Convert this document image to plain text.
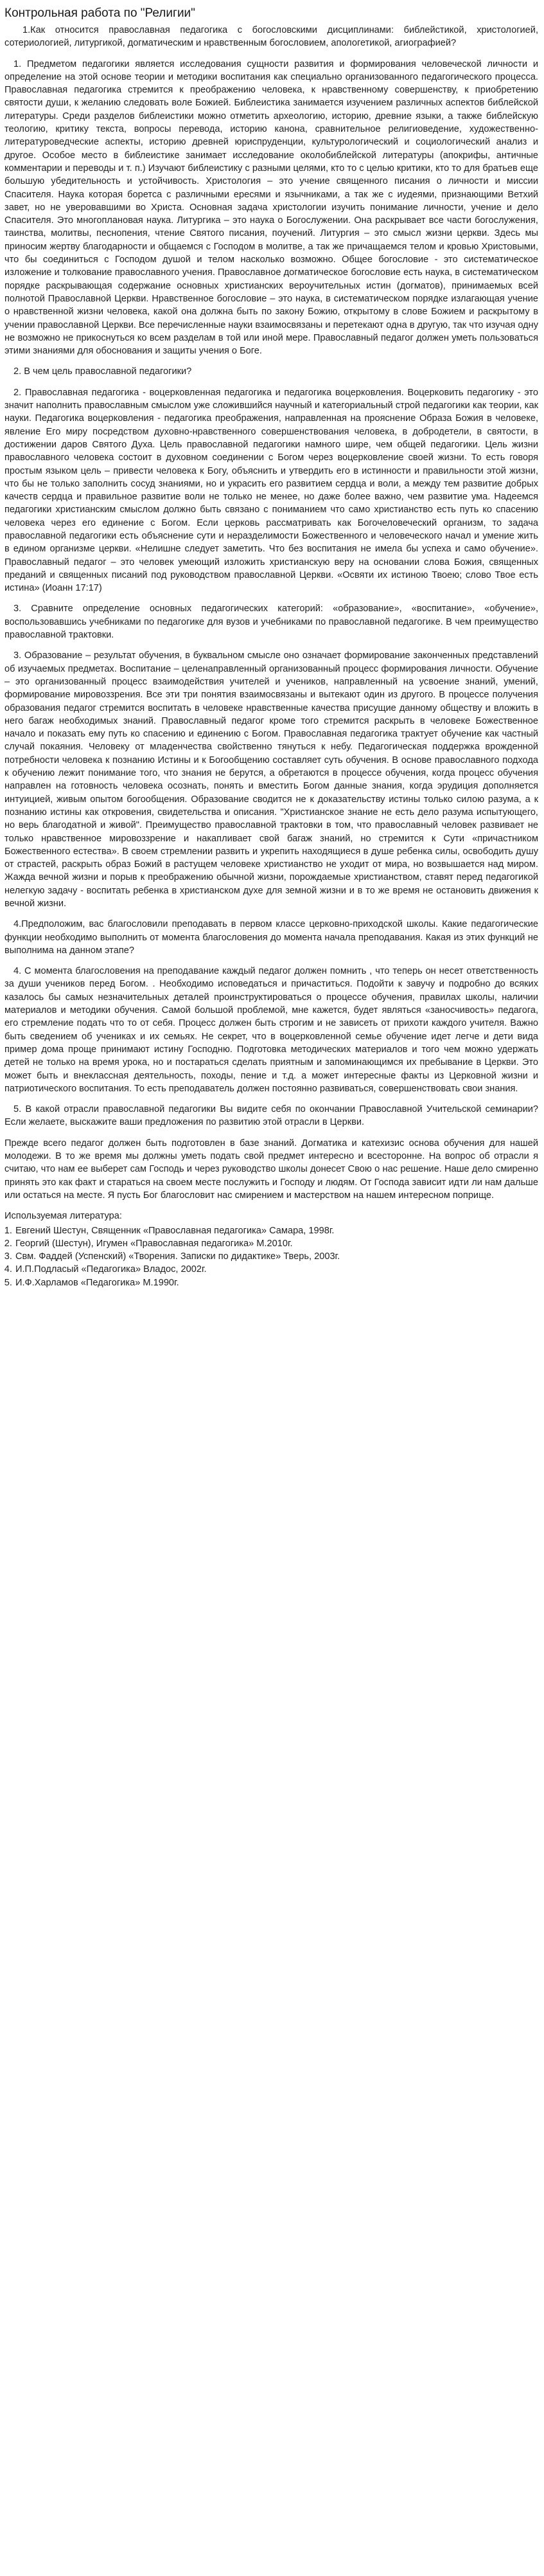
Контрольная работа по "Религии"

1.Как относится православная педагогика с богословскими дисциплинами: библейстикой, христологией, сотериологией, литургикой, догматическим и нравственным богословием, апологетикой, агиографией?

1. Предметом педагогики является исследования сущности развития и формирования человеческой личности и определение на этой основе теории и методики воспитания как специально организованного педагогического процесса. Православная педагогика стремится к преображению человека, к нравственному совершенству, к приобретению святости души, к желанию следовать воле Божией. Библеистика занимается изучением различных аспектов библейской литературы. Среди разделов библеистики можно отметить археологию, историю, древние языки, а также библейскую теологию, критику текста, вопросы перевода, историю канона, сравнительное религиоведение, художественно-литературоведческие аспекты, историю древней юриспруденции, культурологический и социологический анализ и другое. Особое место в библеистике занимает исследование околобиблейской литературы (апокрифы, античные комментарии и переводы и т. п.) Изучают библеистику с разными целями, кто то с целью критики, кто то для братьев еще большую убедительность и устойчивость. Христология – это учение священного писания о личности и миссии Спасителя. Наука которая боретса с различными ересями и язычниками, а так же с иудеями, признающими Ветхий завет, но не уверовавшими во Христа. Основная задача христологии изучить понимание личности, учение и дело Спасителя. Это многоплановая наука. Литургика – это наука о Богослужении. Она раскрывает все части богослужения, таинства, молитвы, песнопения, чтение Святого писания, поучений. Литургия – это смысл жизни церкви. Здесь мы приносим жертву благодарности и общаемся с Господом в молитве, а так же причащаемся телом и кровью Христовыми, что бы соединиться с Господом душой и телом насколько возможно. Общее богословие - это систематическое изложение и толкование православного учения. Православное догматическое богословие есть наука, в систематическом порядке раскрывающая содержание основных христианских вероучительных истин (догматов), принимаемых всей полнотой Православной Церкви. Нравственное богословие – это наука, в систематическом порядке излагающая учение о нравственной жизни человека, какой она должна быть по закону Божию, открытому в слове Божием и раскрытому в учении православной Церкви. Все перечисленные науки взаимосвязаны и перетекают одна в другую, так что изучая одну не возможно не прикоснуться ко всем разделам в той или иной мере. Православный педагог должен уметь пользоваться этими знаниями для обоснования и защиты учения о Боге.

2. В чем цель православной педагогики?

2. Православная педагогика - воцерковленная педагогика и педагогика воцерковления. Воцерковить педагогику - это значит наполнить православным смыслом уже сложившийся научный и категориальный строй педагогики как теории, как науки. Педагогика воцерковления - педагогика преображения, направленная на прояснение Образа Божия в человеке, явление Его миру посредством духовно-нравственного совершенствования человека, в добродетели, в святости, в достижении даров Святого Духа. Цель православной педагогики намного шире, чем общей педагогики. Цель жизни православного человека состоит в духовном соединении с Богом через воцерковление своей жизни. То есть говоря простым языком цель – привести человека к Богу, объяснить и утвердить его в истинности и правильности этой жизни, что бы не только заполнить сосуд знаниями, но и украсить его развитием сердца и воли, а между тем развитие добрых качеств сердца и правильное развитие воли не только не менее, но даже более важно, чем развитие ума. Надеемся педагогики христианским смыслом должно быть связано с пониманием что само христианство есть путь ко спасению человека через его единение с Богом. Если церковь рассматривать как Богочеловеческий организм, то задача православной педагогики есть объяснение сути и неразделимости Божественного и человеческого начал и умение жить в едином организме церкви. «Нелишне следует заметить. Что без воспитания не имела бы успеха и само обучение». Православный педагог – это человек умеющий изложить христианскую веру на основании слова Божия, священных преданий и священных писаний под руководством православной Церкви. «Освяти их истиною Твоею; слово Твое есть истина» (Иоанн 17:17)

3. Сравните определение основных педагогических категорий: «образование», «воспитание», «обучение», воспользовавшись учебниками по педагогике для вузов и учебниками по православной педагогике. В чем преимущество православной трактовки.

3. Образование – результат обучения, в буквальном смысле оно означает формирование законченных представлений об изучаемых предметах. Воспитание – целенаправленный организованный процесс формирования личности. Обучение – это организованный процесс взаимодействия учителей и учеников, направленный на усвоение знаний, умений, формирование мировоззрения. Все эти три понятия взаимосвязаны и вытекают один из другого. В процессе получения образования педагог стремится воспитать в человеке нравственные качества присущие данному обществу и вложить в него багаж необходимых знаний. Православный педагог кроме того стремится раскрыть в человеке Божественное начало и показать ему путь ко спасению и единению с Богом. Православная педагогика трактует обучение как частный случай покаяния. Человеку от младенчества свойственно тянуться к небу. Педагогическая поддержка врожденной потребности человека к познанию Истины и к Богообщению составляет суть обучения. В основе православного подхода к обучению лежит понимание того, что знания не берутся, а обретаются в процессе обучения, когда процесс обучения направлен на готовность человека осознать, понять и вместить Богом данные знания, когда эрудиция дополняется интуицией, живым опытом богообщения. Образование сводится не к доказательству истины только силою разума, а к познанию истины как откровения, свидетельства и описания. "Христианское знание не есть дело разума испытующего, но верь благодатной и живой". Преимущество православной трактовки в том, что православный человек развивает не только нравственное мировоззрение и накапливает свой багаж знаний, но стремится к Сути «причастником Божественного естества». В своем стремлении развить и укрепить находящиеся в душе ребенка силы, освободить душу от страстей, раскрыть образ Божий в растущем человеке христианство не уходит от мира, но возвышается над миром. Жажда вечной жизни и порыв к преображению обычной жизни, порождаемые христианством, ставят перед педагогикой нелегкую задачу - воспитать ребенка в христианском духе для земной жизни и в то же время не остановить движения к вечной жизни.

4.Предположим, вас благословили преподавать в первом классе церковно-приходской школы. Какие педагогические функции необходимо выполнить от момента благословения до момента начала преподавания. Какая из этих функций не выполнима на данном этапе?

4. С момента благословения на преподавание каждый педагог должен помнить , что теперь он несет ответственность за души учеников перед Богом. . Необходимо исповедаться и причаститься. Подойти к завучу и подробно до всяких казалось бы самых незначительных деталей проинструктироваться о процессе обучения, правилах школы, наличии материалов и методики обучения. Самой большой проблемой, мне кажется, будет являться «заносчивость» педагога, его стремление подать что то от себя. Процесс должен быть строгим и не зависеть от прихоти каждого учителя. Важно быть сведением об учениках и их семьях. Не секрет, что в воцерковленной семье обучение идет легче и дети вида пример дома проще принимают истину Господню. Подготовка методических материалов и того чем можно удержать детей не только на время урока, но и постараться сделать приятным и запоминающимся их пребывание в Церкви. Это может быть и внеклассная деятельность, походы, пение и т.д. а может интересные факты из Церковной жизни и патриотического воспитания. То есть преподаватель должен постоянно развиваться, совершенствовать свои знания.

5. В какой отрасли православной педагогики Вы видите себя по окончании Православной Учительской семинарии? Если желаете, выскажите ваши предложения по развитию этой отрасли в Церкви.

Прежде всего педагог должен быть подготовлен в базе знаний. Догматика и катехизис основа обучения для нашей молодежи. В то же время мы должны уметь подать свой предмет интересно и всесторонне. На вопрос об отрасли я считаю, что нам ее выберет сам Господь и через руководство школы донесет Свою о нас решение. Наше дело смиренно принять это как факт и стараться на своем месте послужить и Господу и людям. От Господа зависит идти ли нам дальше или остаться на месте. Я пусть Бог благословит нас смирением и мастерством на нашем интересном поприще.

Используемая литература:
1. Евгений Шестун, Священник «Православная педагогика» Самара, 1998г.
2. Георгий (Шестун), Игумен «Православная педагогика» М.2010г.
3. Свм. Фаддей (Успенский) «Творения. Записки по дидактике» Тверь, 2003г.
4. И.П.Подласый «Педагогика» Владос, 2002г.
5. И.Ф.Харламов «Педагогика» М.1990г.
